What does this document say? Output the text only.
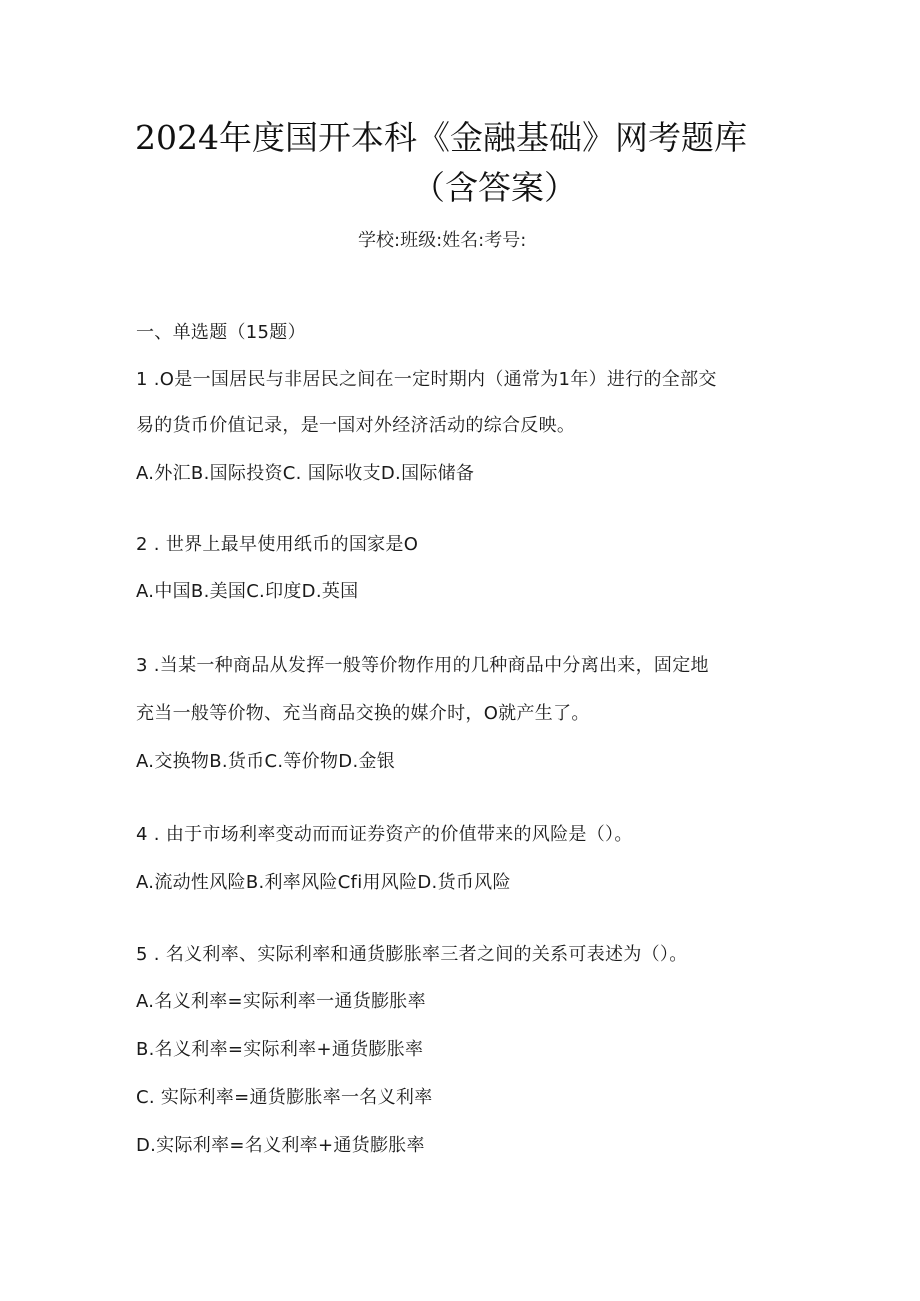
2024年度国开本科《金融基础》网考题库
（含答案）
学校:班级:姓名:考号:
一、单选题（15题）
1 .O是一国居民与非居民之间在一定时期内（通常为1年）进行的全部交
易的货币价值记录，是一国对外经济活动的综合反映。
A.外汇B.国际投资C. 国际收支D.国际储备
2 . 世界上最早使用纸币的国家是O
A.中国B.美国C.印度D.英国
3 .当某一种商品从发挥一般等价物作用的几种商品中分离出来，固定地
充当一般等价物、充当商品交换的媒介时，O就产生了。
A.交换物B.货币C.等价物D.金银
4 . 由于市场利率变动而而证券资产的价值带来的风险是（）。
A.流动性风险B.利率风险Cfi用风险D.货币风险
5 . 名义利率、实际利率和通货膨胀率三者之间的关系可表述为（）。
A.名义利率=实际利率一通货膨胀率
B.名义利率=实际利率+通货膨胀率
C. 实际利率=通货膨胀率一名义利率
D.实际利率=名义利率+通货膨胀率
